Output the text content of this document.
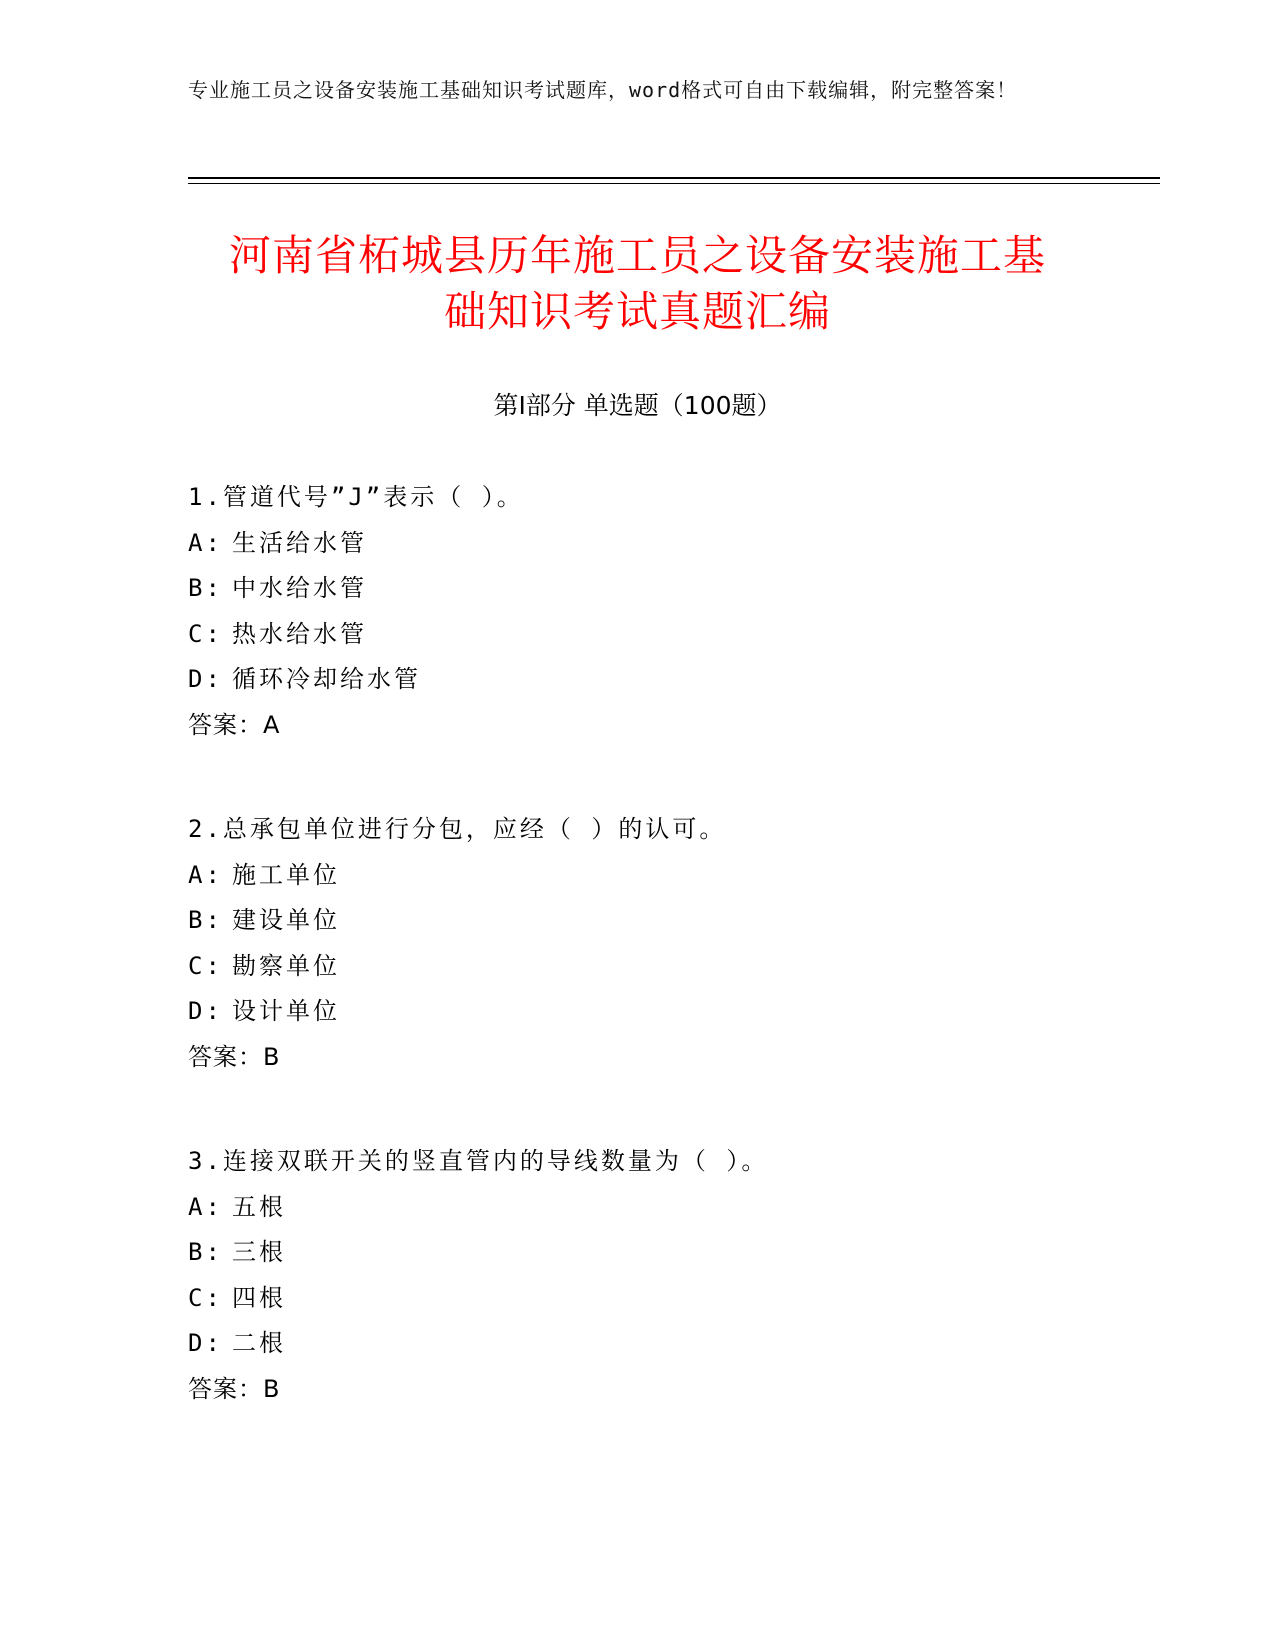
专业施工员之设备安装施工基础知识考试题库，word格式可自由下载编辑，附完整答案！
河南省柘城县历年施工员之设备安装施工基
础知识考试真题汇编
第Ⅰ部分 单选题（100题）
1.管道代号”J”表示（ ）。
A: 生活给水管
B: 中水给水管
C: 热水给水管
D: 循环冷却给水管
答案：A
2.总承包单位进行分包，应经（ ）的认可。
A: 施工单位
B: 建设单位
C: 勘察单位
D: 设计单位
答案：B
3.连接双联开关的竖直管内的导线数量为（ ）。
A: 五根
B: 三根
C: 四根
D: 二根
答案：B
